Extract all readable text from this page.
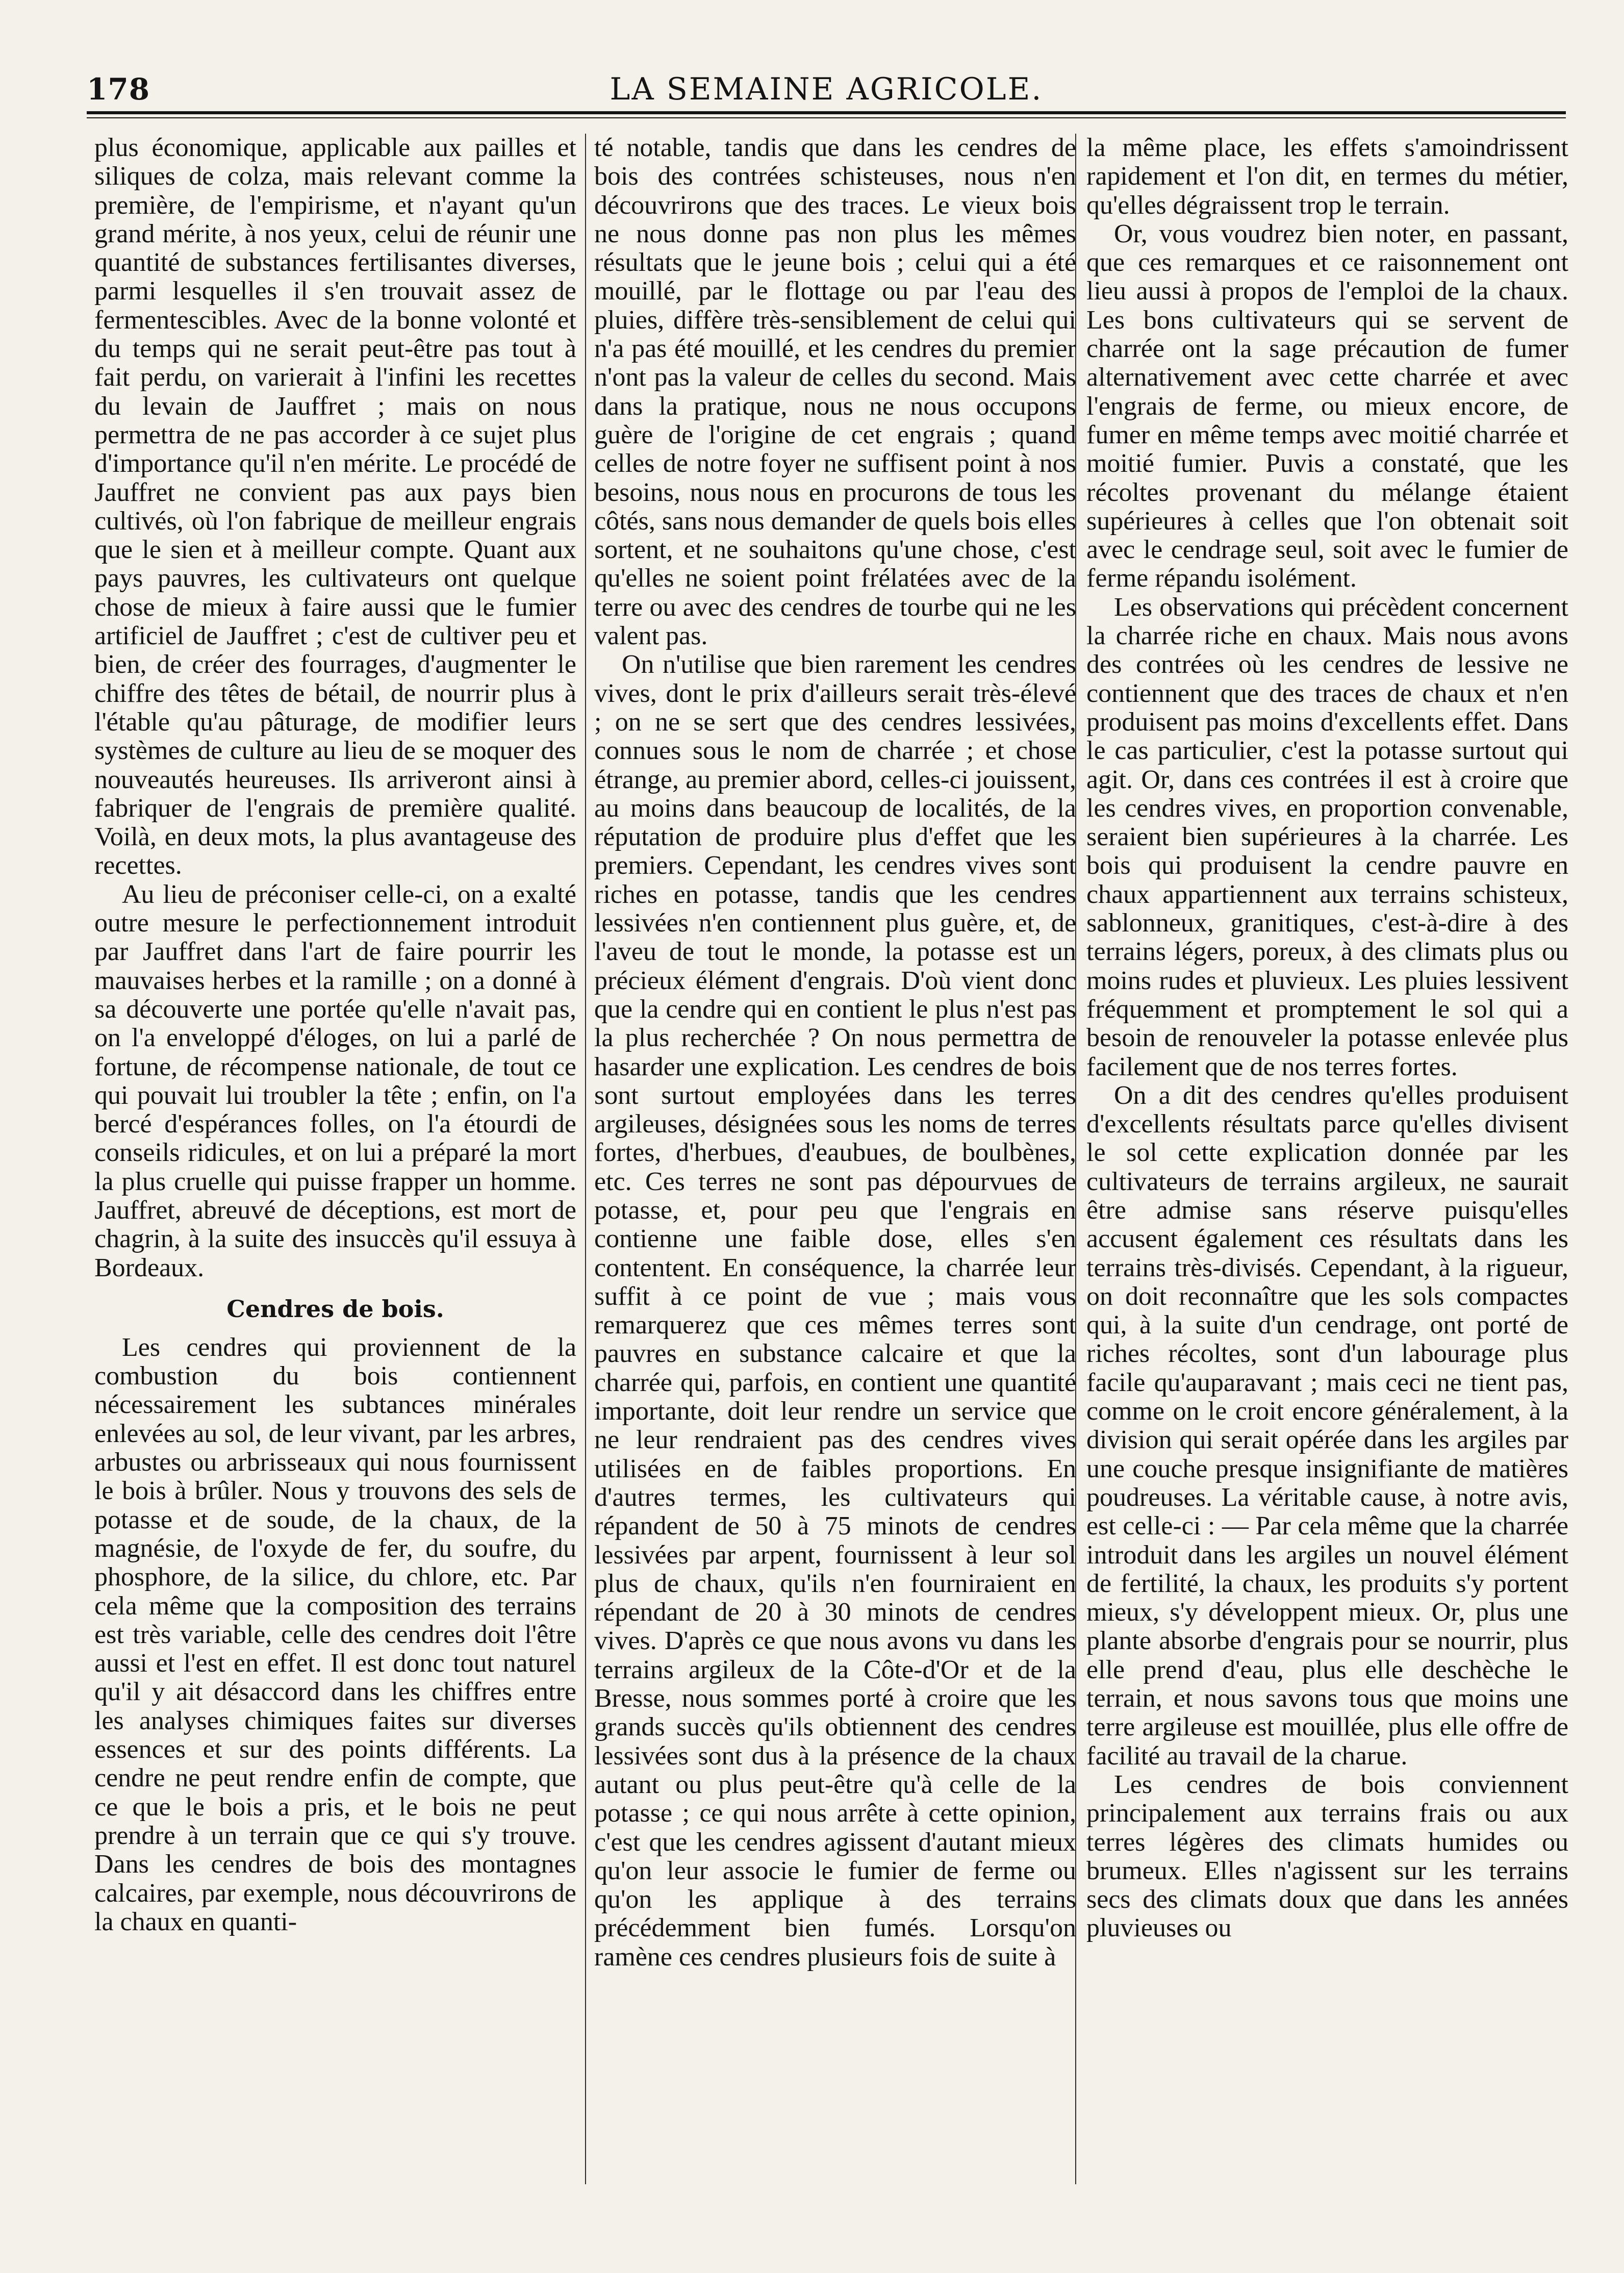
178	LA SEMAINE AGRICOLE.

plus économique, applicable aux pailles et siliques de colza, mais relevant comme la première, de l'empirisme, et n'ayant qu'un grand mérite, à nos yeux, celui de réunir une quantité de substances fertilisantes diverses, parmi lesquelles il s'en trouvait assez de fermentescibles. Avec de la bonne volonté et du temps qui ne serait peut-être pas tout à fait perdu, on varierait à l'infini les recettes du levain de Jauffret ; mais on nous permettra de ne pas accorder à ce sujet plus d'importance qu'il n'en mérite. Le procédé de Jauffret ne convient pas aux pays bien cultivés, où l'on fabrique de meilleur engrais que le sien et à meilleur compte. Quant aux pays pauvres, les cultivateurs ont quelque chose de mieux à faire aussi que le fumier artificiel de Jauffret ; c'est de cultiver peu et bien, de créer des fourrages, d'augmenter le chiffre des têtes de bétail, de nourrir plus à l'étable qu'au pâturage, de modifier leurs systèmes de culture au lieu de se moquer des nouveautés heureuses. Ils arriveront ainsi à fabriquer de l'engrais de première qualité. Voilà, en deux mots, la plus avantageuse des recettes.

Au lieu de préconiser celle-ci, on a exalté outre mesure le perfectionnement introduit par Jauffret dans l'art de faire pourrir les mauvaises herbes et la ramille ; on a donné à sa découverte une portée qu'elle n'avait pas, on l'a enveloppé d'éloges, on lui a parlé de fortune, de récompense nationale, de tout ce qui pouvait lui troubler la tête ; enfin, on l'a bercé d'espérances folles, on l'a étourdi de conseils ridicules, et on lui a préparé la mort la plus cruelle qui puisse frapper un homme. Jauffret, abreuvé de déceptions, est mort de chagrin, à la suite des insuccès qu'il essuya à Bordeaux.

Cendres de bois.

Les cendres qui proviennent de la combustion du bois contiennent nécessairement les subtances minérales enlevées au sol, de leur vivant, par les arbres, arbustes ou arbrisseaux qui nous fournissent le bois à brûler. Nous y trouvons des sels de potasse et de soude, de la chaux, de la magnésie, de l'oxyde de fer, du soufre, du phosphore, de la silice, du chlore, etc. Par cela même que la composition des terrains est très variable, celle des cendres doit l'être aussi et l'est en effet. Il est donc tout naturel qu'il y ait désaccord dans les chiffres entre les analyses chimiques faites sur diverses essences et sur des points différents. La cendre ne peut rendre enfin de compte, que ce que le bois a pris, et le bois ne peut prendre à un terrain que ce qui s'y trouve. Dans les cendres de bois des montagnes calcaires, par exemple, nous découvrirons de la chaux en quanti-

té notable, tandis que dans les cendres de bois des contrées schisteuses, nous n'en découvrirons que des traces. Le vieux bois ne nous donne pas non plus les mêmes résultats que le jeune bois ; celui qui a été mouillé, par le flottage ou par l'eau des pluies, diffère très-sensiblement de celui qui n'a pas été mouillé, et les cendres du premier n'ont pas la valeur de celles du second. Mais dans la pratique, nous ne nous occupons guère de l'origine de cet engrais ; quand celles de notre foyer ne suffisent point à nos besoins, nous nous en procurons de tous les côtés, sans nous demander de quels bois elles sortent, et ne souhaitons qu'une chose, c'est qu'elles ne soient point frélatées avec de la terre ou avec des cendres de tourbe qui ne les valent pas.

On n'utilise que bien rarement les cendres vives, dont le prix d'ailleurs serait très-élevé ; on ne se sert que des cendres lessivées, connues sous le nom de charrée ; et chose étrange, au premier abord, celles-ci jouissent, au moins dans beaucoup de localités, de la réputation de produire plus d'effet que les premiers. Cependant, les cendres vives sont riches en potasse, tandis que les cendres lessivées n'en contiennent plus guère, et, de l'aveu de tout le monde, la potasse est un précieux élément d'engrais. D'où vient donc que la cendre qui en contient le plus n'est pas la plus recherchée ? On nous permettra de hasarder une explication. Les cendres de bois sont surtout employées dans les terres argileuses, désignées sous les noms de terres fortes, d'herbues, d'eaubues, de boulbènes, etc. Ces terres ne sont pas dépourvues de potasse, et, pour peu que l'engrais en contienne une faible dose, elles s'en contentent. En conséquence, la charrée leur suffit à ce point de vue ; mais vous remarquerez que ces mêmes terres sont pauvres en substance calcaire et que la charrée qui, parfois, en contient une quantité importante, doit leur rendre un service que ne leur rendraient pas des cendres vives utilisées en de faibles proportions. En d'autres termes, les cultivateurs qui répandent de 50 à 75 minots de cendres lessivées par arpent, fournissent à leur sol plus de chaux, qu'ils n'en fourniraient en répendant de 20 à 30 minots de cendres vives. D'après ce que nous avons vu dans les terrains argileux de la Côte-d'Or et de la Bresse, nous sommes porté à croire que les grands succès qu'ils obtiennent des cendres lessivées sont dus à la présence de la chaux autant ou plus peut-être qu'à celle de la potasse ; ce qui nous arrête à cette opinion, c'est que les cendres agissent d'autant mieux qu'on leur associe le fumier de ferme ou qu'on les applique à des terrains précédemment bien fumés. Lorsqu'on ramène ces cendres plusieurs fois de suite à

la même place, les effets s'amoindrissent rapidement et l'on dit, en termes du métier, qu'elles dégraissent trop le terrain.

Or, vous voudrez bien noter, en passant, que ces remarques et ce raisonnement ont lieu aussi à propos de l'emploi de la chaux. Les bons cultivateurs qui se servent de charrée ont la sage précaution de fumer alternativement avec cette charrée et avec l'engrais de ferme, ou mieux encore, de fumer en même temps avec moitié charrée et moitié fumier. Puvis a constaté, que les récoltes provenant du mélange étaient supérieures à celles que l'on obtenait soit avec le cendrage seul, soit avec le fumier de ferme répandu isolément.

Les observations qui précèdent concernent la charrée riche en chaux. Mais nous avons des contrées où les cendres de lessive ne contiennent que des traces de chaux et n'en produisent pas moins d'excellents effet. Dans le cas particulier, c'est la potasse surtout qui agit. Or, dans ces contrées il est à croire que les cendres vives, en proportion convenable, seraient bien supérieures à la charrée. Les bois qui produisent la cendre pauvre en chaux appartiennent aux terrains schisteux, sablonneux, granitiques, c'est-à-dire à des terrains légers, poreux, à des climats plus ou moins rudes et pluvieux. Les pluies lessivent fréquemment et promptement le sol qui a besoin de renouveler la potasse enlevée plus facilement que de nos terres fortes.

On a dit des cendres qu'elles produisent d'excellents résultats parce qu'elles divisent le sol cette explication donnée par les cultivateurs de terrains argileux, ne saurait être admise sans réserve puisqu'elles accusent également ces résultats dans les terrains très-divisés. Cependant, à la rigueur, on doit reconnaître que les sols compactes qui, à la suite d'un cendrage, ont porté de riches récoltes, sont d'un labourage plus facile qu'auparavant ; mais ceci ne tient pas, comme on le croit encore généralement, à la division qui serait opérée dans les argiles par une couche presque insignifiante de matières poudreuses. La véritable cause, à notre avis, est celle-ci : — Par cela même que la charrée introduit dans les argiles un nouvel élément de fertilité, la chaux, les produits s'y portent mieux, s'y développent mieux. Or, plus une plante absorbe d'engrais pour se nourrir, plus elle prend d'eau, plus elle deschèche le terrain, et nous savons tous que moins une terre argileuse est mouillée, plus elle offre de facilité au travail de la charue.

Les cendres de bois conviennent principalement aux terrains frais ou aux terres légères des climats humides ou brumeux. Elles n'agissent sur les terrains secs des climats doux que dans les années pluvieuses ou
